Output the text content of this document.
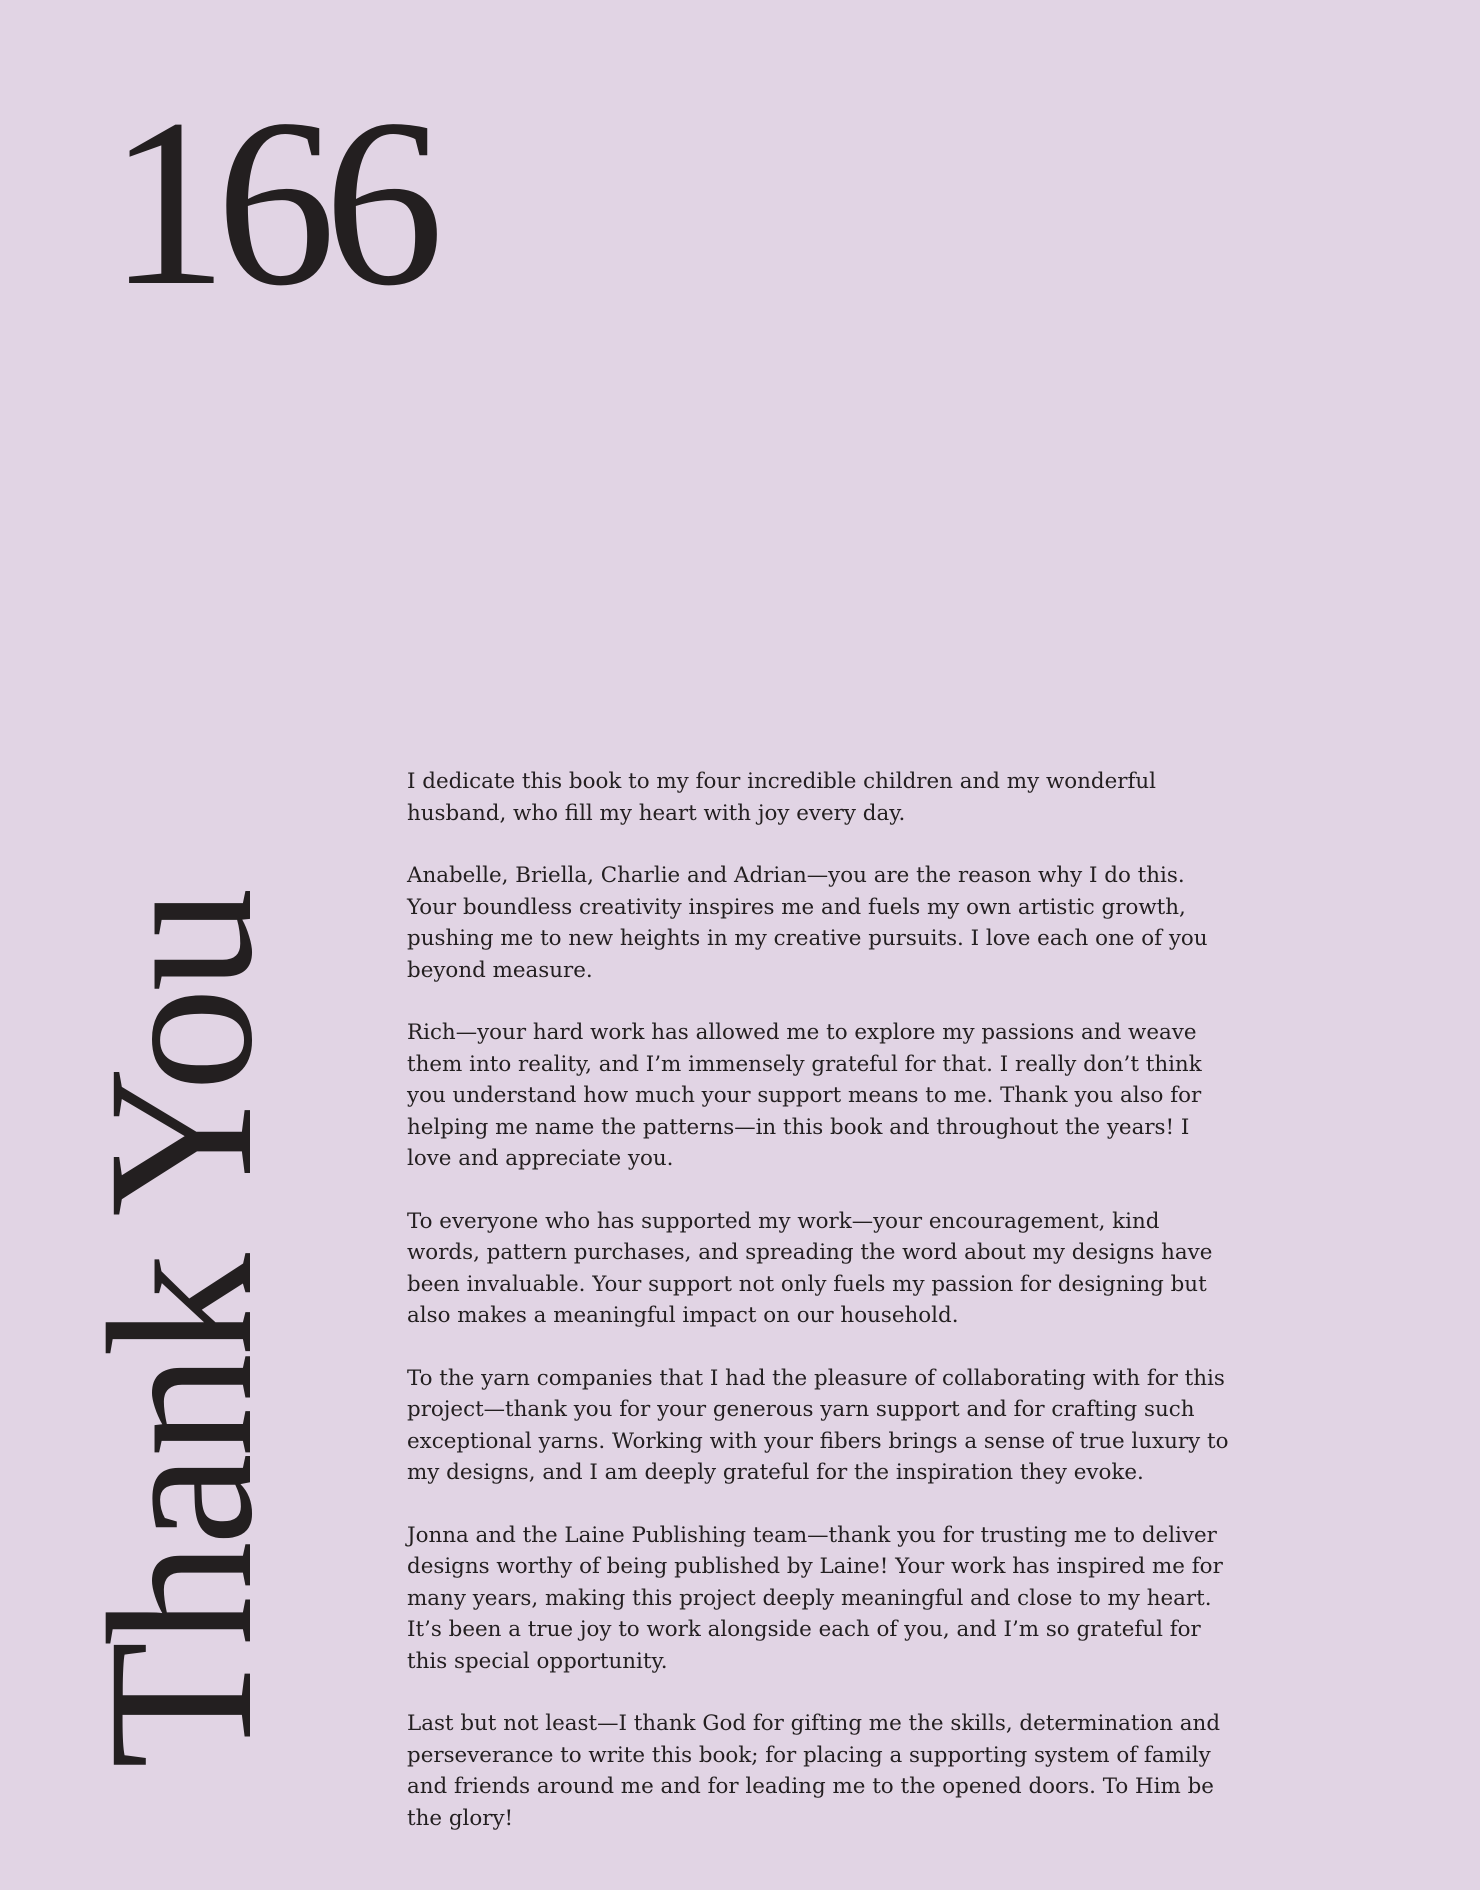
166
Thank You

I dedicate this book to my four incredible children and my wonderful husband, who fill my heart with joy every day.

Anabelle, Briella, Charlie and Adrian—you are the reason why I do this. Your boundless creativity inspires me and fuels my own artistic growth, pushing me to new heights in my creative pursuits. I love each one of you beyond measure.

Rich—your hard work has allowed me to explore my passions and weave them into reality, and I’m immensely grateful for that. I really don’t think you understand how much your support means to me. Thank you also for helping me name the patterns—in this book and throughout the years! I love and appreciate you.

To everyone who has supported my work—your encouragement, kind words, pattern purchases, and spreading the word about my designs have been invaluable. Your support not only fuels my passion for designing but also makes a meaningful impact on our household.

To the yarn companies that I had the pleasure of collaborating with for this project—thank you for your generous yarn support and for crafting such exceptional yarns. Working with your fibers brings a sense of true luxury to my designs, and I am deeply grateful for the inspiration they evoke.

Jonna and the Laine Publishing team—thank you for trusting me to deliver designs worthy of being published by Laine! Your work has inspired me for many years, making this project deeply meaningful and close to my heart. It’s been a true joy to work alongside each of you, and I’m so grateful for this special opportunity.

Last but not least—I thank God for gifting me the skills, determination and perseverance to write this book; for placing a supporting system of family and friends around me and for leading me to the opened doors. To Him be the glory!
